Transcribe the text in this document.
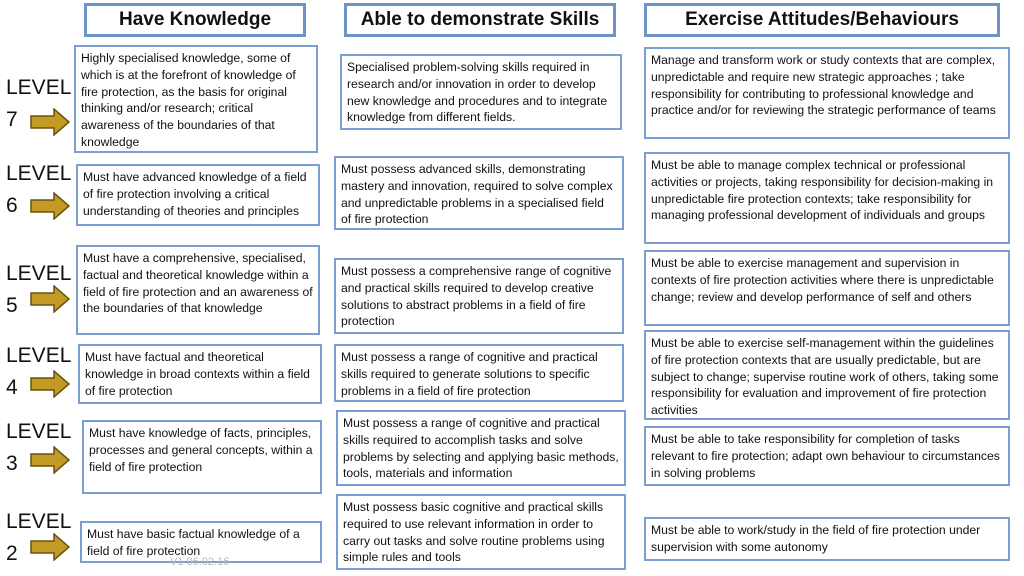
Have Knowledge	Able to demonstrate Skills	Exercise Attitudes/Behaviours
LEVEL
7
Highly specialised knowledge, some of which is at the forefront of knowledge of fire protection, as the basis for original thinking and/or research; critical awareness of the boundaries of that knowledge
Specialised problem-solving skills required in research and/or innovation in order to develop new knowledge and procedures and to integrate knowledge from different fields.
Manage and transform work or study contexts that are complex, unpredictable and require new strategic approaches ; take responsibility for contributing to professional knowledge and practice and/or for reviewing the strategic performance of teams
LEVEL
6
Must have advanced knowledge of a field of fire protection involving a critical understanding of theories and principles
Must possess advanced skills, demonstrating mastery and innovation, required to solve complex and unpredictable problems in a specialised field of fire protection
Must be able to manage complex technical or professional activities or projects, taking responsibility for decision-making in unpredictable fire protection contexts; take responsibility for managing professional development of individuals and groups
LEVEL
5
Must have a comprehensive, specialised, factual and theoretical knowledge within a field of fire protection and an awareness of the boundaries of that knowledge
Must possess a comprehensive range of cognitive and practical skills required to develop creative solutions to abstract problems in a field of fire protection
Must be able to exercise management and supervision in contexts of fire protection activities where there is unpredictable change; review and develop performance of self and others
LEVEL
4
Must have factual and theoretical knowledge in broad contexts within a field of fire protection
Must possess a range of cognitive and practical skills required to generate solutions to specific problems in a field of fire protection
Must be able to exercise self-management within the guidelines of fire protection contexts that are usually predictable, but are subject to change; supervise routine work of others, taking some responsibility for evaluation and improvement of fire protection activities
LEVEL
3
Must have knowledge of facts, principles, processes and general concepts, within a field of fire protection
Must possess a range of cognitive and practical skills required to accomplish tasks and solve problems by selecting and applying basic methods, tools, materials and information
Must be able to take responsibility for completion of tasks relevant to fire protection; adapt own behaviour to circumstances in solving problems
LEVEL
2
Must have basic factual knowledge of a field of fire protection
Must possess basic cognitive and practical skills required to use relevant information in order to carry out tasks and solve routine problems using simple rules and tools
Must be able to work/study in the field of fire protection under supervision with some autonomy
V1 06.02.16
